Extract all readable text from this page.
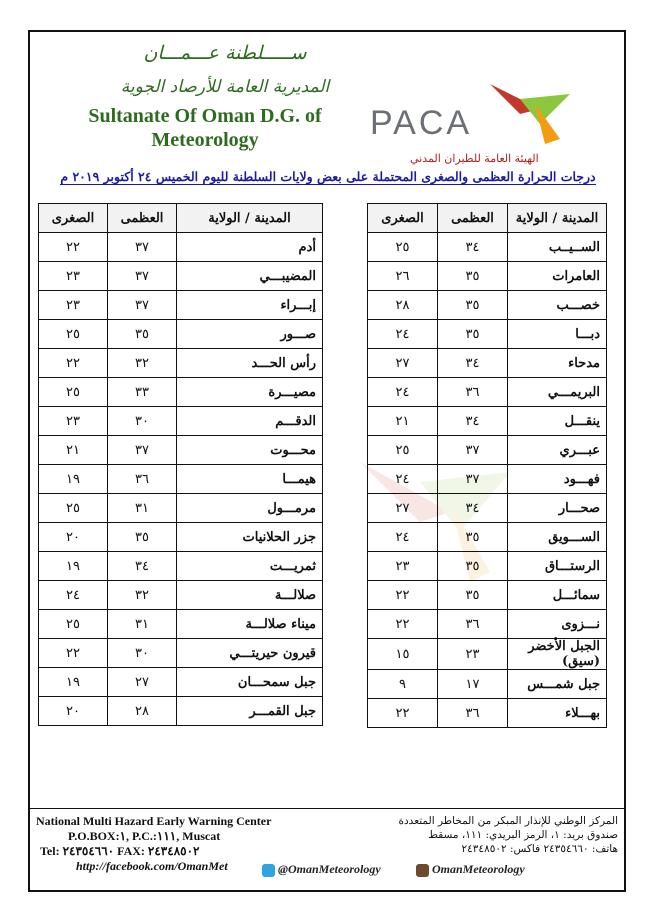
ســـــلطنة عـــمـــان
المديرية العامة للأرصاد الجوية
Sultanate Of Oman D.G. of Meteorology	PACA
الهيئة العامة للطيران المدني
درجات الحرارة العظمى والصغرى المحتملة على بعض ولايات السلطنة لليوم الخميس ٢٤ أكتوبر ٢٠١٩ م
المدينة / الولاية	العظمى	الصغرى
الســيــب	٣٤	٢٥
العامرات	٣٥	٢٦
خصـــب	٣٥	٢٨
دبـــا	٣٥	٢٤
مدحاء	٣٤	٢٧
البريمـــي	٣٦	٢٤
ينقـــل	٣٤	٢١
عبـــري	٣٧	٢٥
فهـــود	٣٧	٢٤
صحـــار	٣٤	٢٧
الســـويق	٣٥	٢٤
الرستـــاق	٣٥	٢٣
سمائـــل	٣٥	٢٢
نـــزوى	٣٦	٢٢
الجبل الأخضر (سيق)	٢٣	١٥
جبل شمـــس	١٧	٩
بهـــلاء	٣٦	٢٢
المدينة / الولاية	العظمى	الصغرى
أدم	٣٧	٢٢
المضيبـــي	٣٧	٢٣
إبـــراء	٣٧	٢٣
صـــور	٣٥	٢٥
رأس الحـــد	٣٢	٢٢
مصيـــرة	٣٣	٢٥
الدقـــم	٣٠	٢٣
محـــوت	٣٧	٢١
هيمـــا	٣٦	١٩
مرمـــول	٣١	٢٥
جزر الحلانيات	٣٥	٢٠
ثمريـــت	٣٤	١٩
صلالـــة	٣٢	٢٤
ميناء صلالـــة	٣١	٢٥
قيرون حيريتـــي	٣٠	٢٢
جبل سمحـــان	٢٧	١٩
جبل القمـــر	٢٨	٢٠
National Multi Hazard Early Warning Center
P.O.BOX:١, P.C.:١١١, Muscat
Tel: ٢٤٣٥٤٦٦٠ FAX: ٢٤٣٤٨٥٠٢
http://facebook.com/OmanMet
المركز الوطني للإنذار المبكر من المخاطر المتعددة
صندوق بريد: ١، الرمز البريدي: ١١١، مسقط
هاتف: ٢٤٣٥٤٦٦٠ فاكس: ٢٤٣٤٨٥٠٢
@OmanMeteorology	OmanMeteorology
